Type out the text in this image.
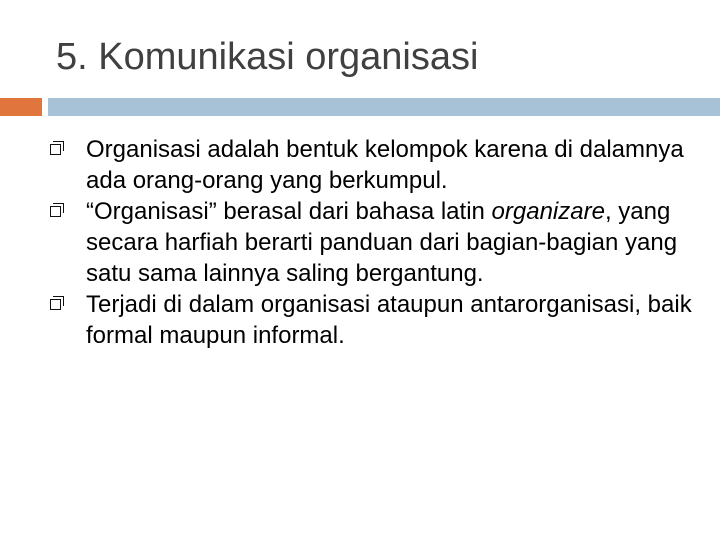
5. Komunikasi organisasi
Organisasi adalah bentuk kelompok karena di dalamnya ada orang-orang yang berkumpul.
“Organisasi” berasal dari bahasa latin organizare, yang secara harfiah berarti panduan dari bagian-bagian yang satu sama lainnya saling bergantung.
Terjadi di dalam organisasi ataupun antarorganisasi, baik formal maupun informal.
